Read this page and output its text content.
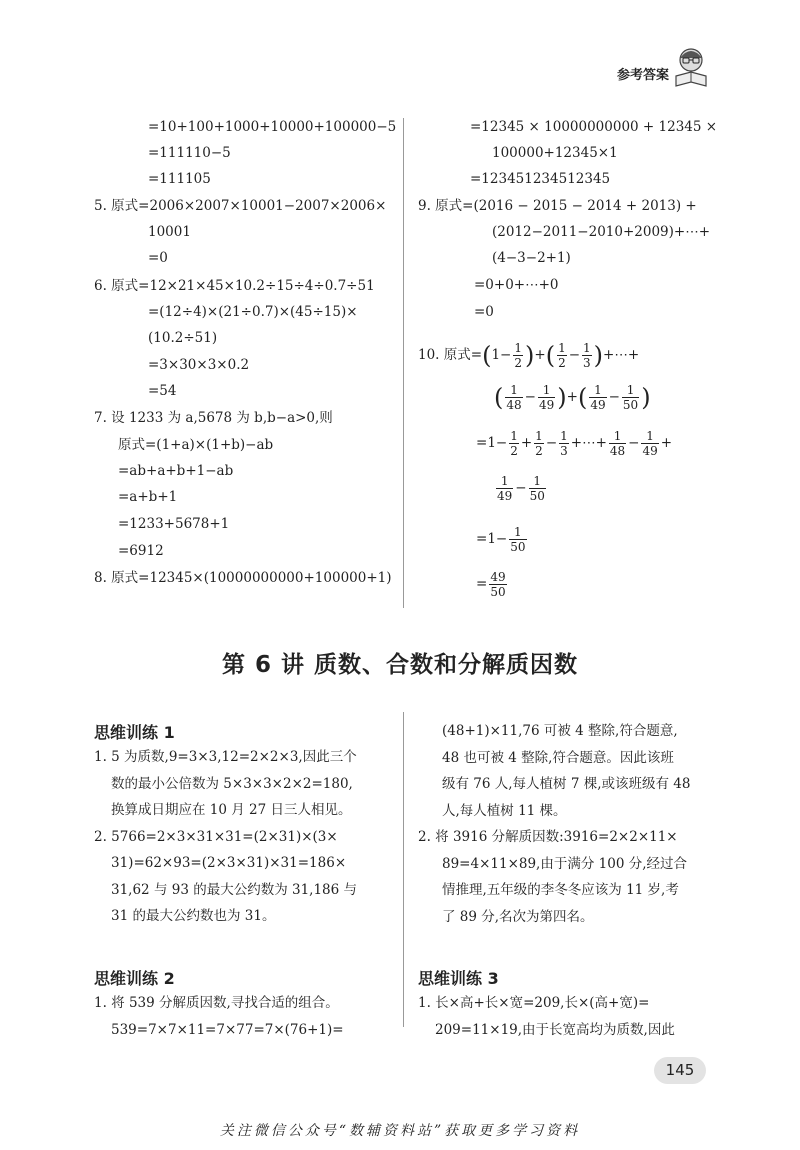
参考答案
=10+100+1000+10000+100000−5
=111110−5
=111105
5. 原式=2006×2007×10001−2007×2006×
10001
=0
6. 原式=12×21×45×10.2÷15÷4÷0.7÷51
=(12÷4)×(21÷0.7)×(45÷15)×
(10.2÷51)
=3×30×3×0.2
=54
7. 设 1233 为 a,5678 为 b,b−a>0,则
原式=(1+a)×(1+b)−ab
=ab+a+b+1−ab
=a+b+1
=1233+5678+1
=6912
8. 原式=12345×(10000000000+100000+1)
=12345 × 10000000000 + 12345 ×
100000+12345×1
=123451234512345
9. 原式=(2016 − 2015 − 2014 + 2013) +
(2012−2011−2010+2009)+⋯+
(4−3−2+1)
=0+0+⋯+0
=0
10. 原式$=(1- \frac{1}{2}$ )+( $\frac{1}{2} - \frac{1}{3}$ )+⋯+
( $\frac{1}{48} - \frac{1}{49}$ )+( $\frac{1}{49} - \frac{1}{50}$ )
$=1- \frac{1}{2} + \frac{1}{2} - \frac{1}{3}$ +⋯+ $\frac{1}{48} - \frac{1}{49}$ +
$\frac{1}{49} - \frac{1}{50}$
$=1- \frac{1}{50}$
= $\frac{49}{50}$
第 6 讲 质数、合数和分解质因数
思维训练 1

1. 5 为质数,9=3×3,12=2×2×3,因此三个

数的最小公倍数为 5×3×3×2×2=180,

换算成日期应在 10 月 27 日三人相见。

2. 5766=2×3×31×31=(2×31)×(3×

31)=62×93=(2×3×31)×31=186×

31,62 与 93 的最大公约数为 31,186 与

31 的最大公约数也为 31。

(48+1)×11,76 可被 4 整除,符合题意,

48 也可被 4 整除,符合题意。因此该班

级有 76 人,每人植树 7 棵,或该班级有 48

人,每人植树 11 棵。

2. 将 3916 分解质因数:3916=2×2×11×

89=4×11×89,由于满分 100 分,经过合

情推理,五年级的李冬冬应该为 11 岁,考

了 89 分,名次为第四名。

思维训练 2

1. 将 539 分解质因数,寻找合适的组合。

539=7×7×11=7×77=7×(76+1)=

思维训练 3

1. 长×高+长×宽=209,长×(高+宽)=

209=11×19,由于长宽高均为质数,因此

145
关注微信公众号“数辅资料站”获取更多学习资料
